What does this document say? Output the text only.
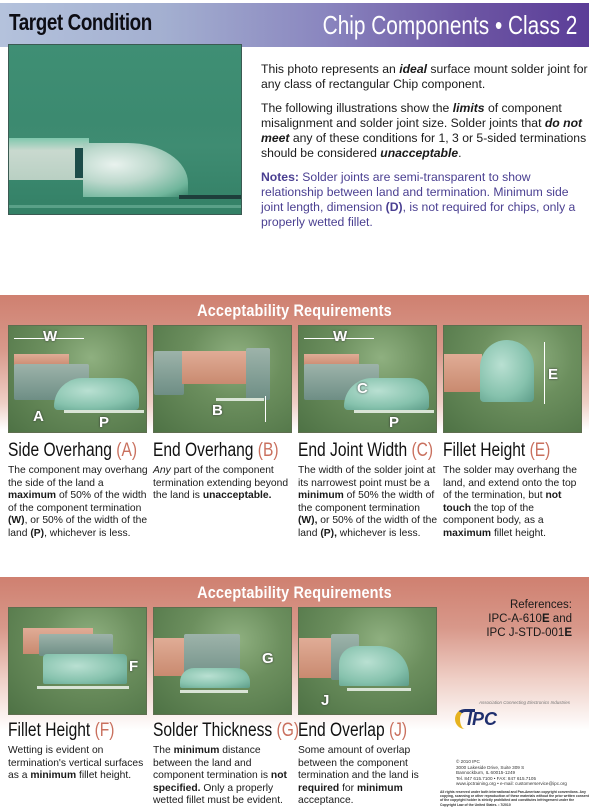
Target Condition	Chip Components • Class 2

This photo represents an ideal surface mount solder joint for any class of rectangular Chip component.

The following illustrations show the limits of component misalignment and solder joint size. Solder joints that do not meet any of these conditions for 1, 3 or 5-sided terminations should be considered unacceptable.

Notes: Solder joints are semi-transparent to show relationship between land and termination. Minimum side joint length, dimension (D), is not required for chips, only a properly wetted fillet.

Acceptability Requirements
W
A	P
B
W
C
P
E
Side Overhang (A)
The component may overhang the side of the land a maximum of 50% of the width of the component termination (W), or 50% of the width of the land (P), whichever is less.
End Overhang (B)
Any part of the component termination extending beyond the land is unacceptable.
End Joint Width (C)
The width of the solder joint at its narrowest point must be a minimum of 50% the width of the component termination (W), or 50% of the width of the land (P), whichever is less.
Fillet Height (E)
The solder may overhang the land, and extend onto the top of the termination, but not touch the top of the component body, as a maximum fillet height.
Acceptability Requirements
F	G
J
References:
IPC-A-610E and
IPC J-STD-001E
Fillet Height (F)
Wetting is evident on termination's vertical surfaces as a minimum fillet height.
Solder Thickness (G)
The minimum distance between the land and component termination is not specified. Only a properly wetted fillet must be evident.
End Overlap (J)
Some amount of overlap between the component termination and the land is required for minimum acceptance.
Association Connecting Electronics Industries
IPC
© 2010 IPC
3000 Lakeside Drive, Suite 309 S
Bannockburn, IL 60015-1249
Tel. 847 615.7100 • FAX: 847 615.7105
www.ipctraining.org • e-mail: customerservice@ipc.org
All rights reserved under both international and Pan-American copyright conventions. Any copying, scanning or other reproduction of these materials without the prior written consent of the copyright holder is strictly prohibited and constitutes infringement under the Copyright Law of the United States. • 7/2010
